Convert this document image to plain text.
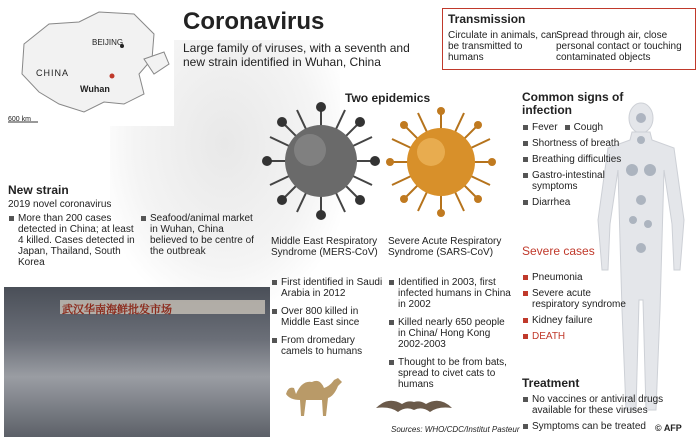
武汉华南海鲜批发市场
CHINA
BEIJING
Wuhan
600 km
Coronavirus
Large family of viruses, with a seventh and new strain identified in Wuhan, China
Transmission
Circulate in animals, can be transmitted to humans
Spread through air, close personal contact or touching contaminated objects
Two epidemics
Middle East Respiratory Syndrome (MERS-CoV)
Severe Acute Respiratory Syndrome (SARS-CoV)
First identified in Saudi Arabia in 2012
Over 800 killed in Middle East since
From dromedary camels to humans
Identified in 2003, first infected humans in China in 2002
Killed nearly 650 people in China/ Hong Kong 2002-2003
Thought to be from bats, spread to civet cats to humans
New strain
2019 novel coronavirus
More than 200 cases detected in China; at least 4 killed. Cases detected in Japan, Thailand, South Korea
Seafood/animal market in Wuhan, China believed to be centre of the outbreak
Common signs of infection
Fever	Cough
Shortness of breath
Breathing difficulties
Gastro-intestinal symptoms
Diarrhea
Severe cases
Pneumonia
Severe acute respiratory syndrome
Kidney failure
DEATH
Treatment
No vaccines or antiviral drugs available for these viruses
Symptoms can be treated
Sources: WHO/CDC/Institut Pasteur	© AFP
